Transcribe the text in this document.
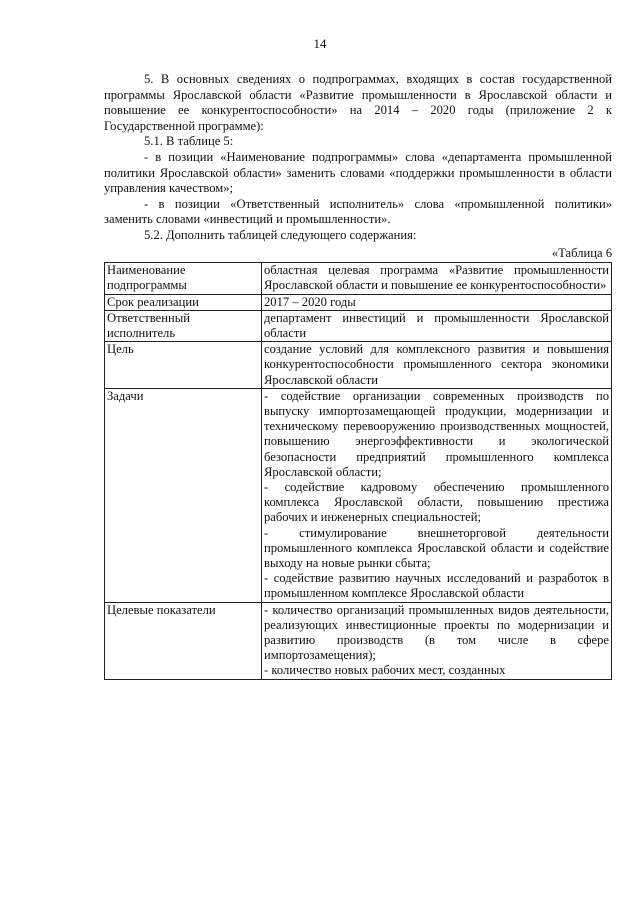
14

5. В основных сведениях о подпрограммах, входящих в состав государственной программы Ярославской области «Развитие промышленности в Ярославской области и повышение ее конкурентоспособности» на 2014 – 2020 годы (приложение 2 к Государственной программе):

5.1. В таблице 5:

- в позиции «Наименование подпрограммы» слова «департамента промышленной политики Ярославской области» заменить словами «поддержки промышленности в области управления качеством»;

- в позиции «Ответственный исполнитель» слова «промышленной политики» заменить словами «инвестиций и промышленности».

5.2. Дополнить таблицей следующего содержания:

«Таблица 6

Наименование подпрограммы	областная целевая программа «Развитие промышленности Ярославской области и повышение ее конкурентоспособности»

Срок реализации	2017 – 2020 годы

Ответственный исполнитель	департамент инвестиций и промышленности Ярославской области

Цель	создание условий для комплексного развития и повышения конкурентоспособности промышленного сектора экономики Ярославской области

Задачи	- содействие организации современных производств по выпуску импортозамещающей продукции, модернизации и техническому перевооружению производственных мощностей, повышению энергоэффективности и экологической безопасности предприятий промышленного комплекса Ярославской области;
- содействие кадровому обеспечению промышленного комплекса Ярославской области, повышению престижа рабочих и инженерных специальностей;
- стимулирование внешнеторговой деятельности промышленного комплекса Ярославской области и содействие выходу на новые рынки сбыта;
- содействие развитию научных исследований и разработок в промышленном комплексе Ярославской области

Целевые показатели	- количество организаций промышленных видов деятельности, реализующих инвестиционные проекты по модернизации и развитию производств (в том числе в сфере импортозамещения);
- количество новых рабочих мест, созданных
